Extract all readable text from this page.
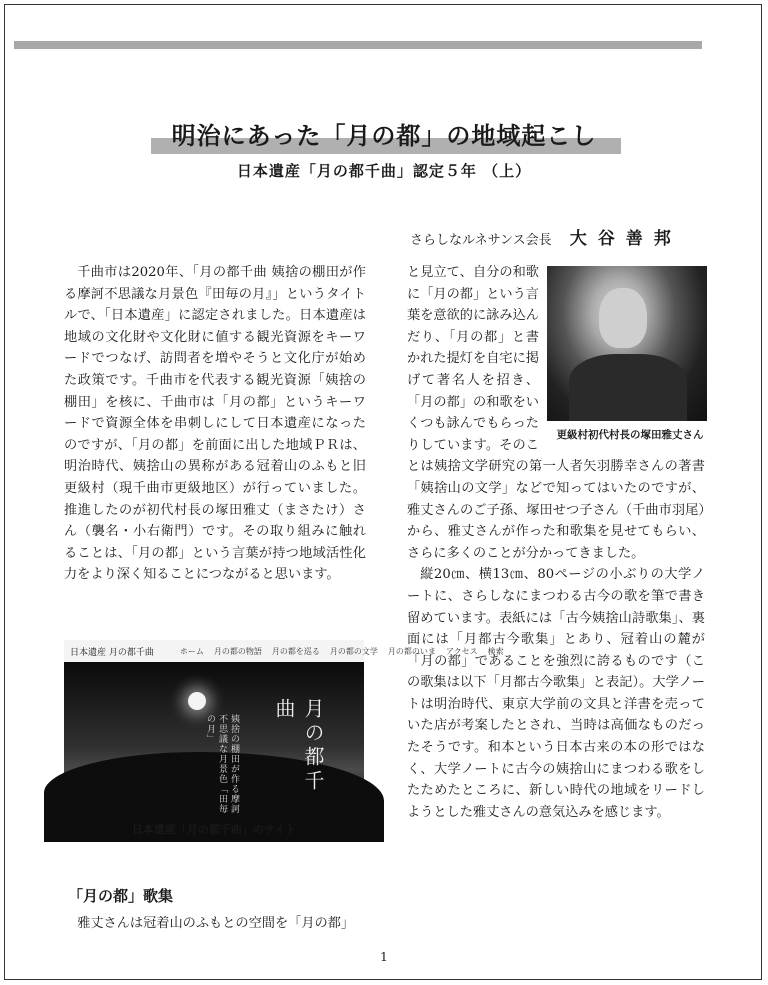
明治にあった「月の都」の地域起こし
日本遺産「月の都千曲」認定５年 （上）
さらしなルネサンス会長 大谷善邦

千曲市は2020年、「月の都千曲 姨捨の棚田が作る摩訶不思議な月景色『田毎の月』」というタイトルで、「日本遺産」に認定されました。日本遺産は地域の文化財や文化財に値する観光資源をキーワードでつなげ、訪問者を増やそうと文化庁が始めた政策です。千曲市を代表する観光資源「姨捨の棚田」を核に、千曲市は「月の都」というキーワードで資源全体を串刺しにして日本遺産になったのですが、「月の都」を前面に出した地域ＰＲは、明治時代、姨捨山の異称がある冠着山のふもと旧更級村（現千曲市更級地区）が行っていました。推進したのが初代村長の塚田雅丈（まさたけ）さん（襲名・小右衛門）です。その取り組みに触れることは、「月の都」という言葉が持つ地域活性化力をより深く知ることにつながると思います。

日本遺産 月の都千曲	ホーム 月の都の物語 月の都を巡る 月の都の文学 月の都のいま アクセス 検索
月の都千曲
姨捨の棚田が作る摩訶不思議な月景色「田毎の月」
日本遺産「月の都千曲」のサイト
「月の都」歌集

雅丈さんは冠着山のふもとの空間を「月の都」

更級村初代村長の塚田雅丈さん

と見立て、自分の和歌に「月の都」という言葉を意欲的に詠み込んだり、「月の都」と書かれた提灯を自宅に掲げて著名人を招き、「月の都」の和歌をいくつも詠んでもらったりしています。そのことは姨捨文学研究の第一人者矢羽勝幸さんの著書「姨捨山の文学」などで知ってはいたのですが、雅丈さんのご子孫、塚田せつ子さん（千曲市羽尾）から、雅丈さんが作った和歌集を見せてもらい、さらに多くのことが分かってきました。

縦20㎝、横13㎝、80ページの小ぶりの大学ノートに、さらしなにまつわる古今の歌を筆で書き留めています。表紙には「古今姨捨山詩歌集」、裏面には「月都古今歌集」とあり、冠着山の麓が「月の都」であることを強烈に誇るものです（この歌集は以下「月都古今歌集」と表記）。大学ノートは明治時代、東京大学前の文具と洋書を売っていた店が考案したとされ、当時は高価なものだったそうです。和本という日本古来の本の形ではなく、大学ノートに古今の姨捨山にまつわる歌をしたためたところに、新しい時代の地域をリードしようとした雅丈さんの意気込みを感じます。

1
